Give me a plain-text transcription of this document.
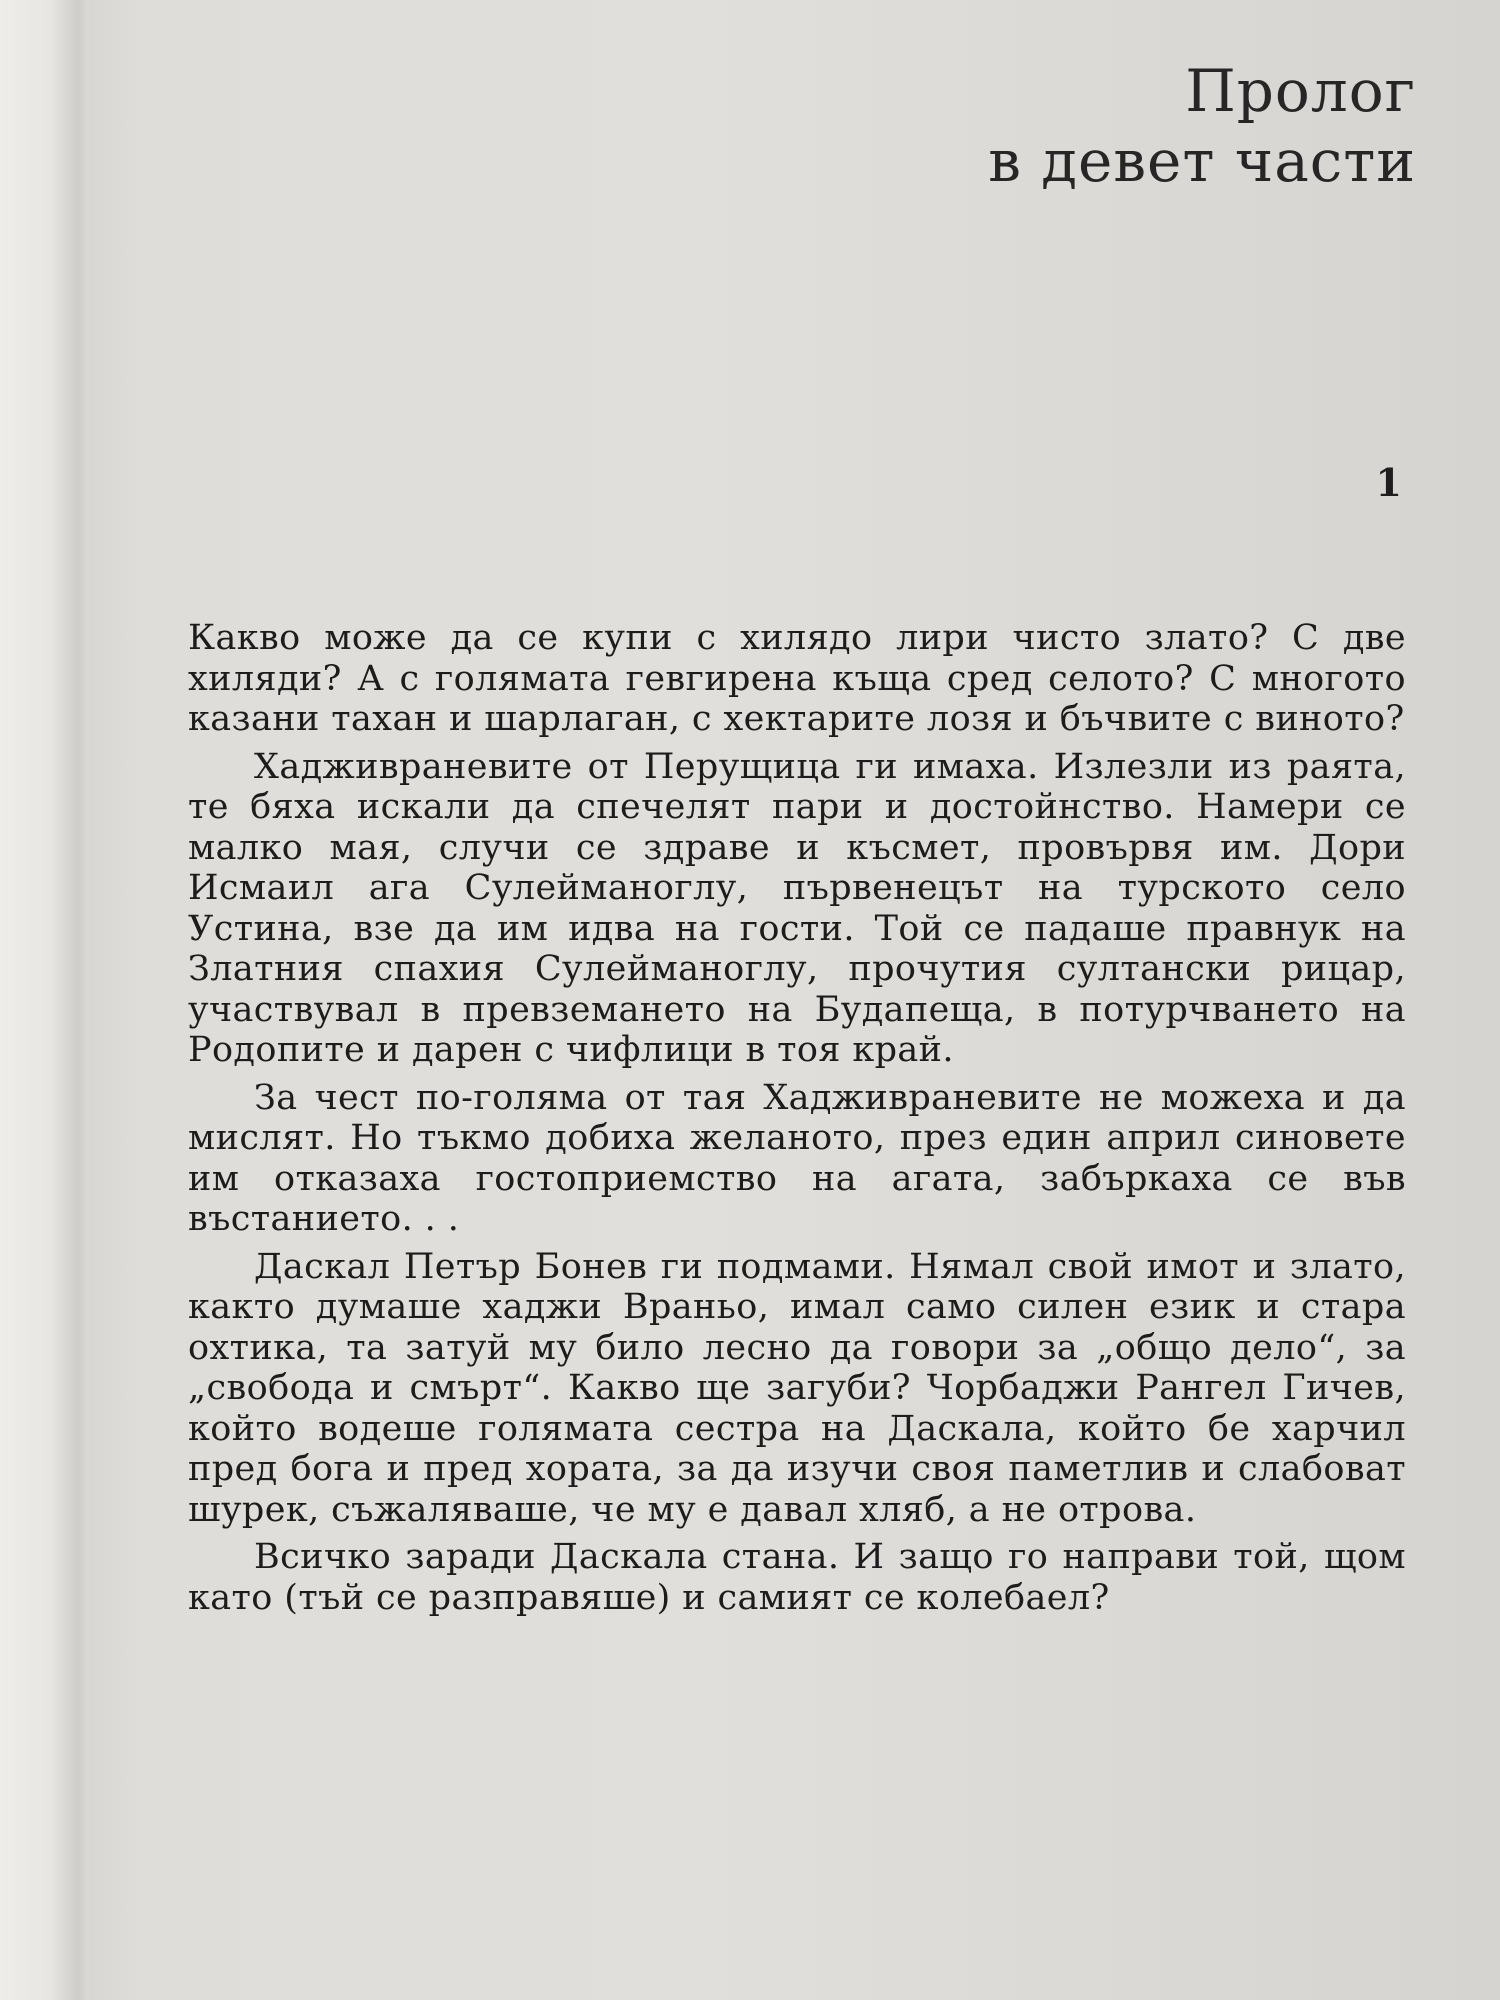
Пролог
в девет части
1

Какво може да се купи с хилядо лири чисто злато? С две хиляди? А с голямата гевгирена къща сред селото? С многото казани тахан и шарлаган, с хектарите лозя и бъчвите с виното?

Хадживраневите от Перущица ги имаха. Излезли из раята, те бяха искали да спечелят пари и достойнство. Намери се малко мая, случи се здраве и късмет, провървя им. Дори Исмаил ага Сулейманоглу, първенецът на турското село Устина, взе да им идва на гости. Той се падаше правнук на Златния спахия Сулейманоглу, прочутия султански рицар, участвувал в превземането на Будапеща, в потурчването на Родопите и дарен с чифлици в тоя край.

За чест по-голяма от тая Хадживраневите не можеха и да мислят. Но тъкмо добиха желаното, през един април синовете им отказаха гостоприемство на агата, забъркаха се във въстанието. . .

Даскал Петър Бонев ги подмами. Нямал свой имот и злато, както думаше хаджи Враньо, имал само силен език и стара охтика, та затуй му било лесно да говори за „общо дело“, за „свобода и смърт“. Какво ще загуби? Чорбаджи Рангел Гичев, който водеше голямата сестра на Даскала, който бе харчил пред бога и пред хората, за да изучи своя паметлив и слабоват шурек, съжаляваше, че му е давал хляб, а не отрова.

Всичко заради Даскала стана. И защо го направи той, щом като (тъй се разправяше) и самият се колебаел?
